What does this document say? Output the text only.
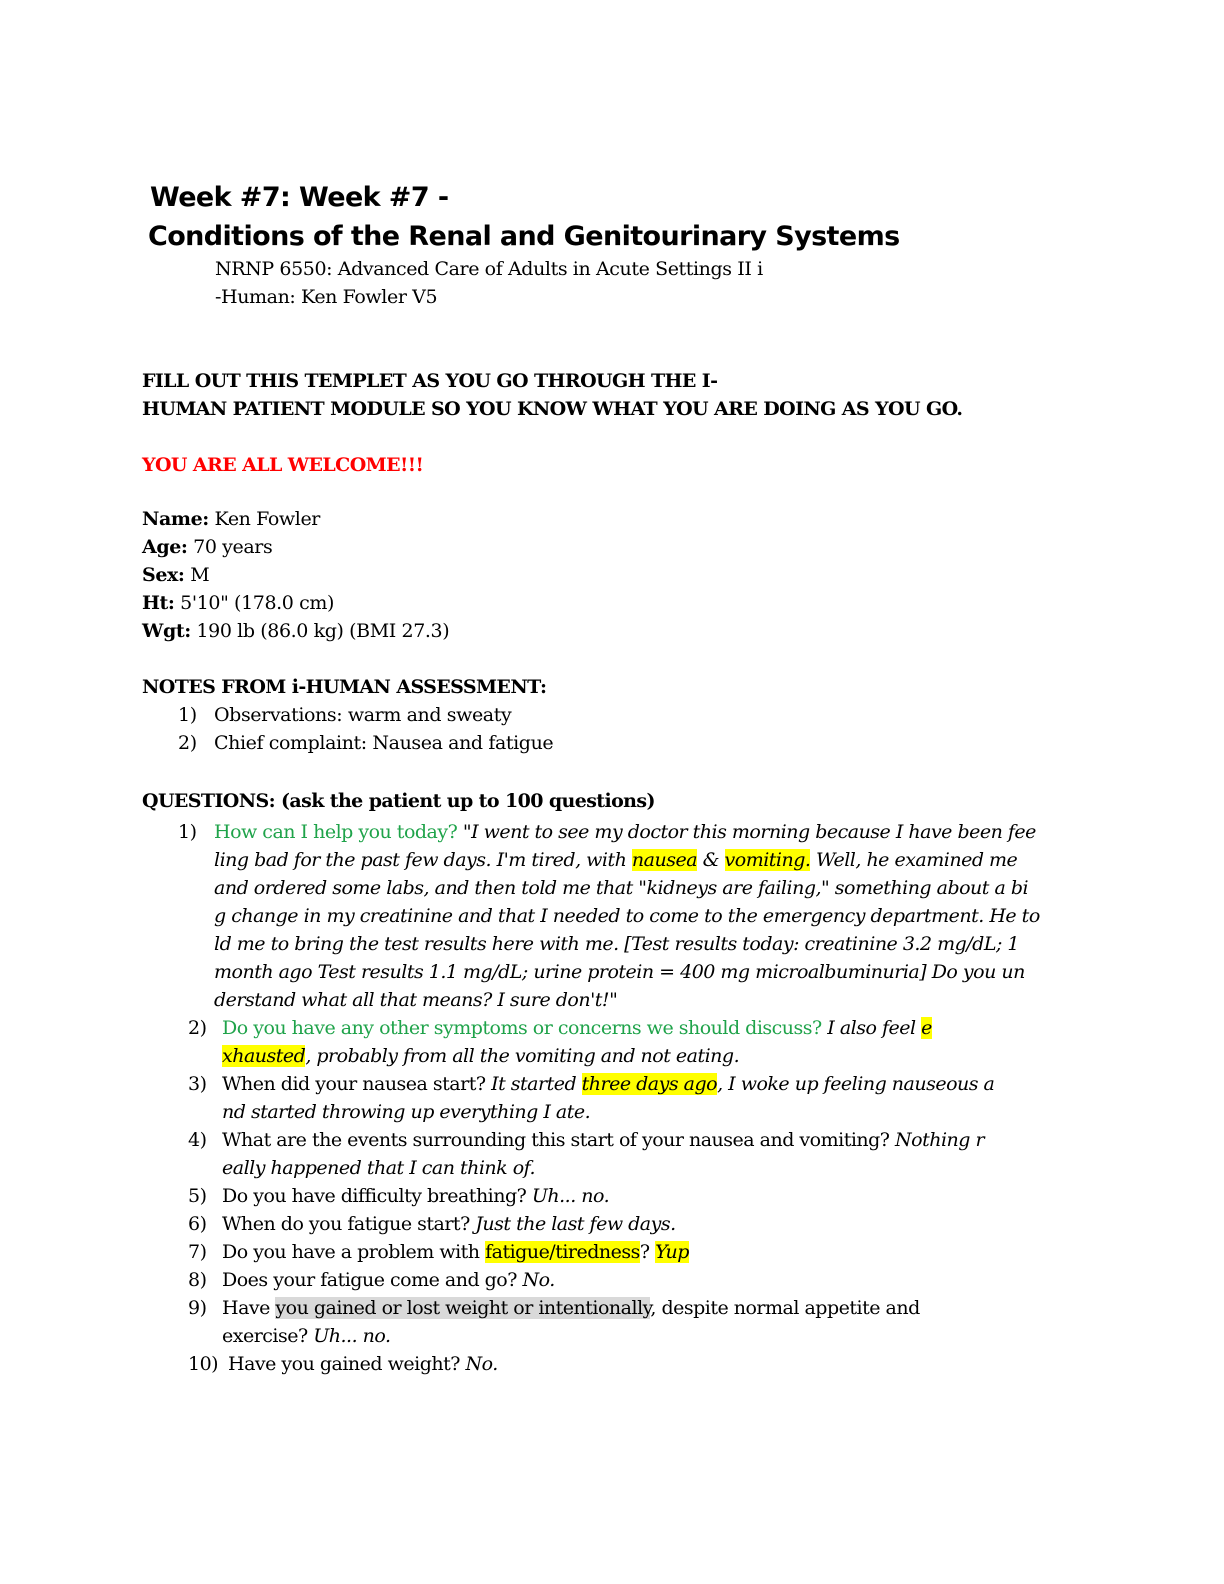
Week #7: Week #7 -
Conditions of the Renal and Genitourinary Systems
NRNP 6550: Advanced Care of Adults in Acute Settings II i
-Human: Ken Fowler V5
FILL OUT THIS TEMPLET AS YOU GO THROUGH THE I-
HUMAN PATIENT MODULE SO YOU KNOW WHAT YOU ARE DOING AS YOU GO.
YOU ARE ALL WELCOME!!!
Name: Ken Fowler
Age: 70 years
Sex: M
Ht: 5'10" (178.0 cm)
Wgt: 190 lb (86.0 kg) (BMI 27.3)
NOTES FROM i-HUMAN ASSESSMENT:
1) Observations: warm and sweaty
2) Chief complaint: Nausea and fatigue
QUESTIONS: (ask the patient up to 100 questions)
1) How can I help you today? "I went to see my doctor this morning because I have been fee
ling bad for the past few days. I'm tired, with nausea & vomiting. Well, he examined me
and ordered some labs, and then told me that "kidneys are failing," something about a bi
g change in my creatinine and that I needed to come to the emergency department. He to
ld me to bring the test results here with me. [Test results today: creatinine 3.2 mg/dL; 1
month ago Test results 1.1 mg/dL; urine protein = 400 mg microalbuminuria] Do you un
derstand what all that means? I sure don't!"
2) Do you have any other symptoms or concerns we should discuss? I also feel e
xhausted, probably from all the vomiting and not eating.
3) When did your nausea start? It started three days ago, I woke up feeling nauseous a
nd started throwing up everything I ate.
4) What are the events surrounding this start of your nausea and vomiting? Nothing r
eally happened that I can think of.
5) Do you have difficulty breathing? Uh... no.
6) When do you fatigue start? Just the last few days.
7) Do you have a problem with fatigue/tiredness? Yup
8) Does your fatigue come and go? No.
9) Have you gained or lost weight or intentionally, despite normal appetite and
exercise? Uh... no.
10) Have you gained weight? No.
